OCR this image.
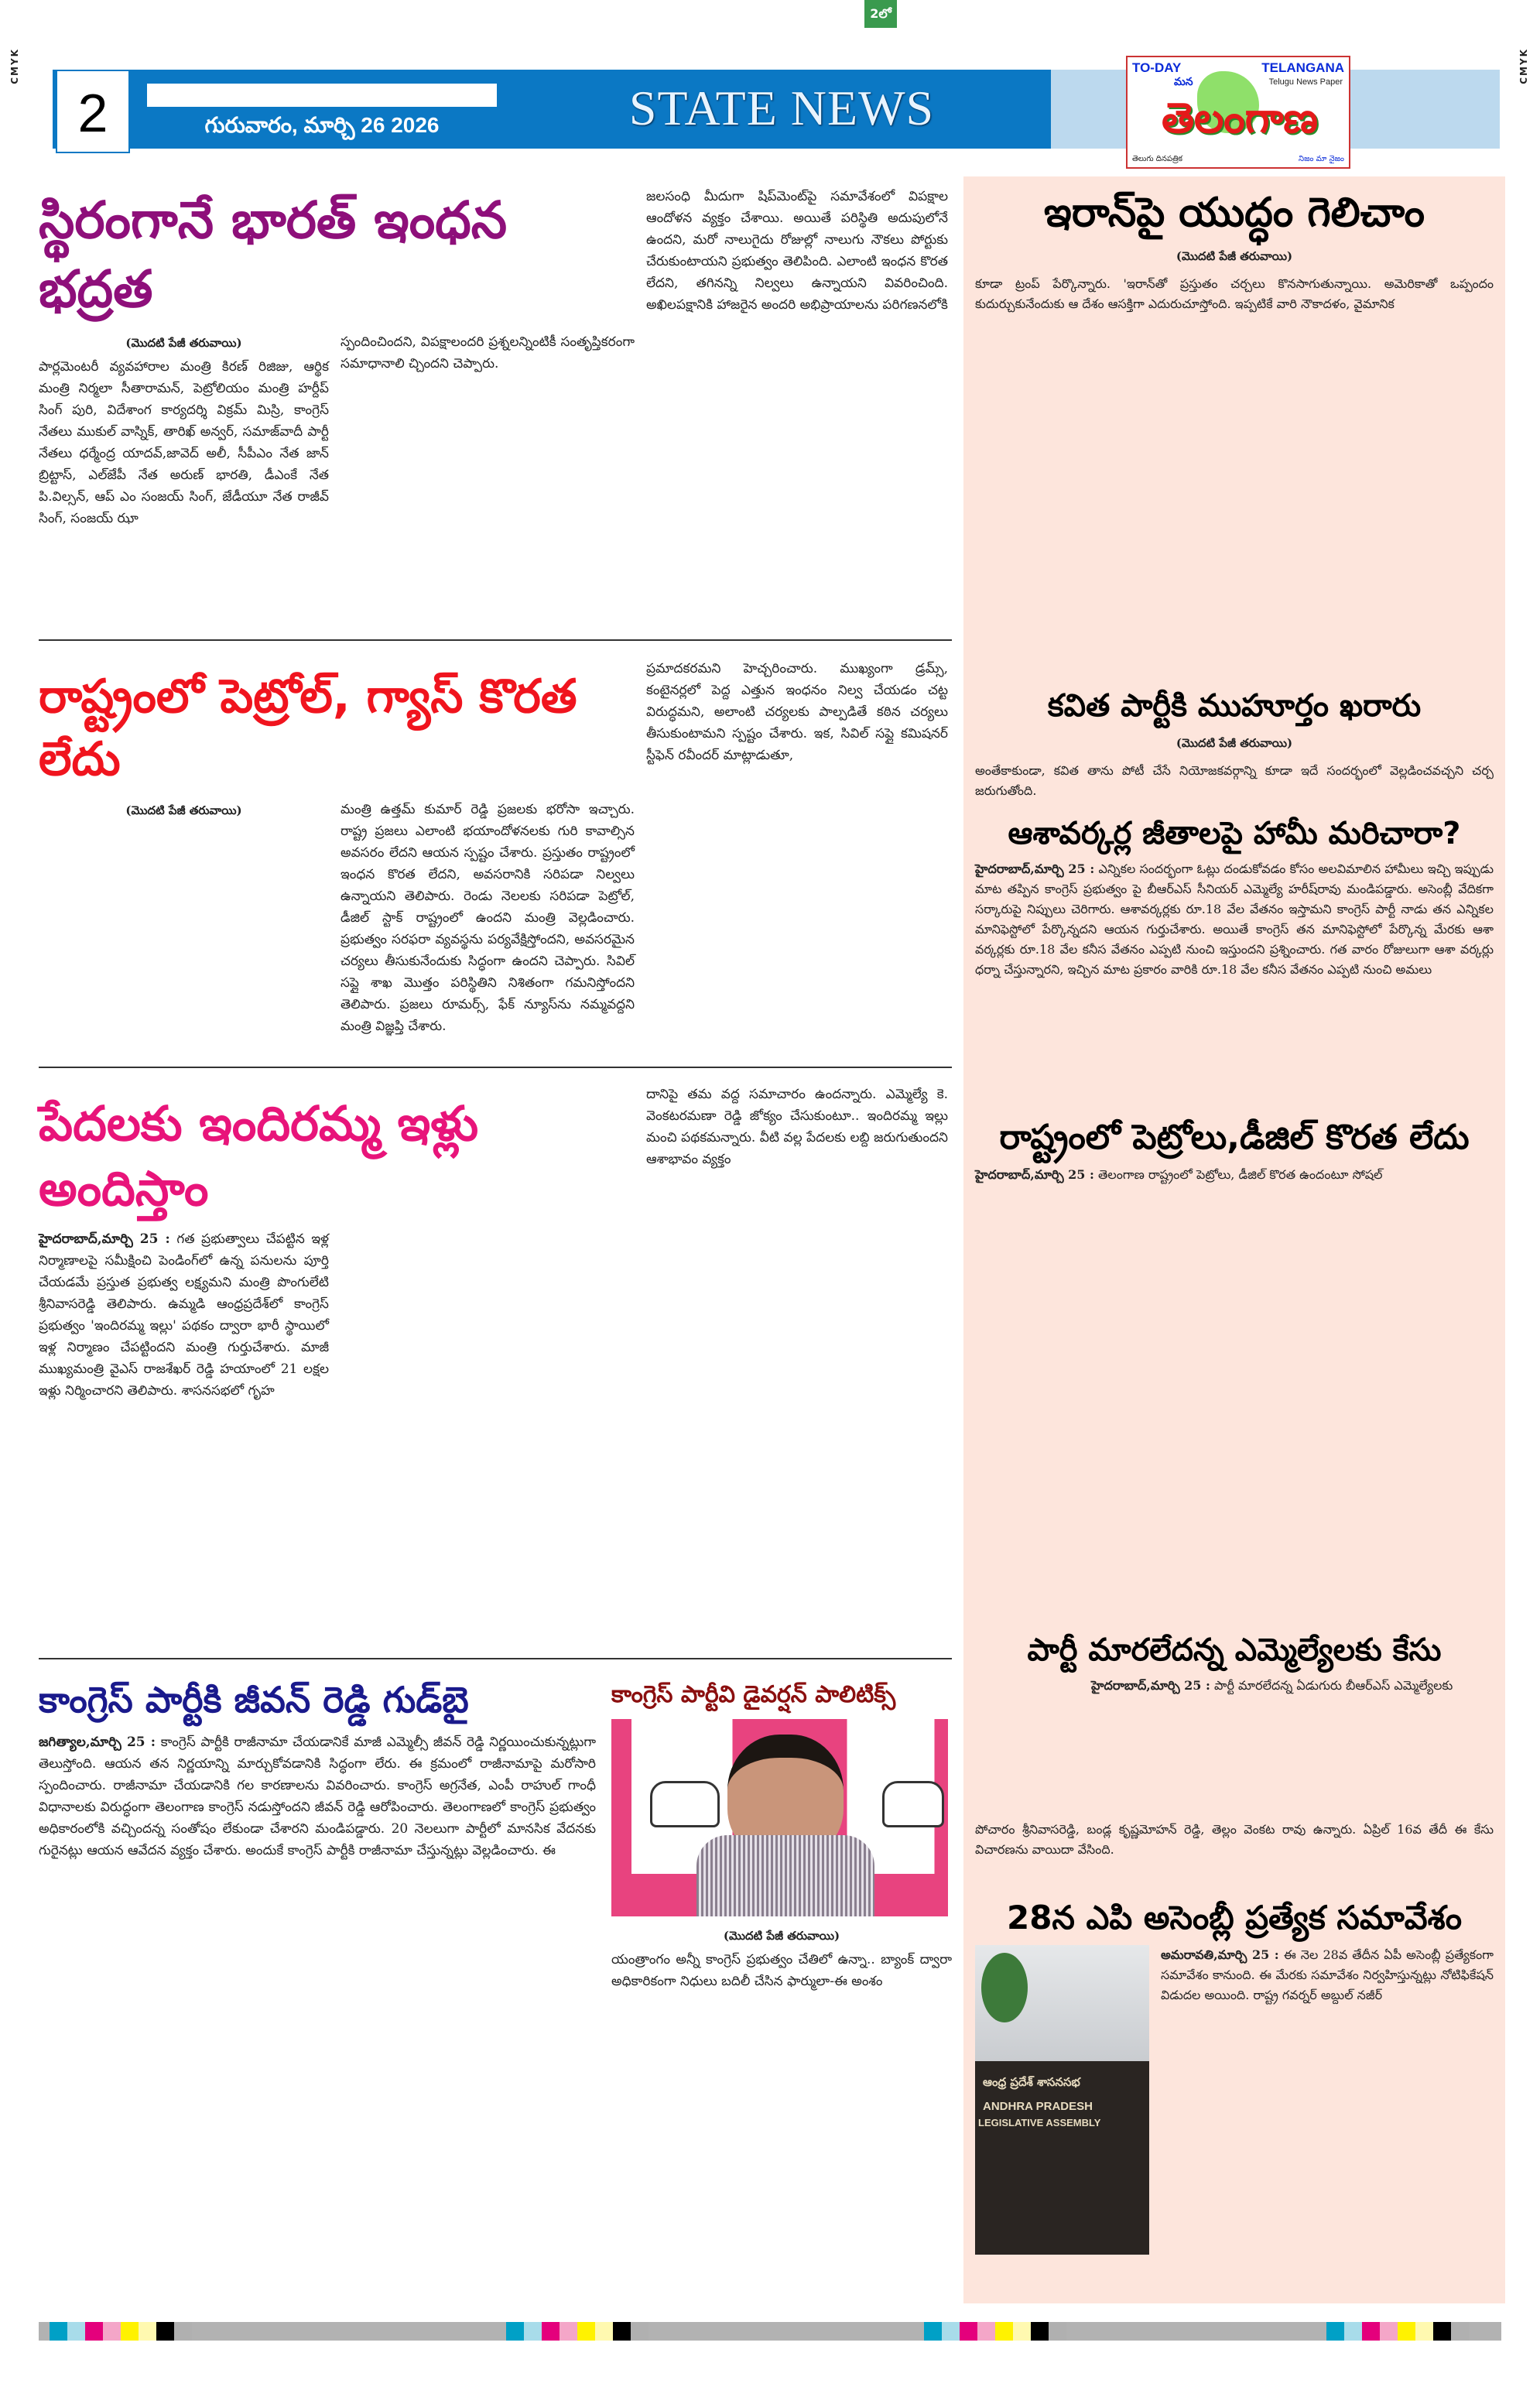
2లో
CMYK	CMYK
2	గురువారం, మార్చి 26 2026	STATE NEWS
TO-DAY	TELANGANA
Telugu News Paper
మన
తెలంగాణ
తెలుగు దినపత్రిక	నిజం మా నైజం
స్థిరంగానే భారత్ ఇంధన భద్రత
(మొదటి పేజీ తరువాయి)
పార్లమెంటరీ వ్యవహారాల మంత్రి కిరణ్ రిజిజు, ఆర్థిక మంత్రి నిర్మలా సీతారామన్, పెట్రోలియం మంత్రి హర్దీప్ సింగ్ పురి, విదేశాంగ కార్యదర్శి విక్రమ్ మిస్రి, కాంగ్రెస్ నేతలు ముకుల్ వాస్నిక్, తారిఖ్ అన్వర్, సమాజ్‌వాదీ పార్టీ నేతలు ధర్మేంద్ర యాదవ్,జావెద్ అలీ, సీపీఎం నేత జాన్ బ్రిట్టాస్, ఎల్‌జేపీ నేత అరుణ్ భారతి, డీఎంకే నేత పి.విల్సన్, ఆప్ ఎం సంజయ్ సింగ్, జేడీయూ నేత రాజీవ్ సింగ్, సంజయ్ ఝా
స్పందించిందని, విపక్షాలందరి ప్రశ్నలన్నింటికీ సంతృప్తికరంగా సమాధానాలి చ్చిందని చెప్పారు.
జలసంధి మీదుగా షిప్‌మెంట్‌పై సమావేశంలో విపక్షాల ఆందోళన వ్యక్తం చేశాయి. అయితే పరిస్థితి అదుపులోనే ఉందని, మరో నాలుగైదు రోజుల్లో నాలుగు నౌకలు పోర్టుకు చేరుకుంటాయని ప్రభుత్వం తెలిపింది. ఎలాంటి ఇంధన కొరత లేదని, తగినన్ని నిల్వలు ఉన్నాయని వివరించింది. అఖిలపక్షానికి హాజరైన అందరి అభిప్రాయాలను పరిగణనలోకి
రాష్ట్రంలో పెట్రోల్, గ్యాస్ కొరత లేదు
(మొదటి పేజీ తరువాయి)	మంత్రి ఉత్తమ్ కుమార్ రెడ్డి ప్రజలకు భరోసా ఇచ్చారు. రాష్ట్ర ప్రజలు ఎలాంటి భయాందోళనలకు గురి కావాల్సిన అవసరం లేదని ఆయన స్పష్టం చేశారు. ప్రస్తుతం రాష్ట్రంలో ఇంధన కొరత లేదని, అవసరానికి సరిపడా నిల్వలు ఉన్నాయని తెలిపారు. రెండు నెలలకు సరిపడా పెట్రోల్, డీజిల్ స్టాక్ రాష్ట్రంలో ఉందని మంత్రి వెల్లడించారు. ప్రభుత్వం సరఫరా వ్యవస్థను పర్యవేక్షిస్తోందని, అవసరమైన చర్యలు తీసుకునేందుకు సిద్ధంగా ఉందని చెప్పారు. సివిల్ సప్లై శాఖ మొత్తం పరిస్థితిని నిశితంగా గమనిస్తోందని తెలిపారు. ప్రజలు రూమర్స్, ఫేక్ న్యూస్‌ను నమ్మవద్దని మంత్రి విజ్ఞప్తి చేశారు.
ప్రమాదకరమని హెచ్చరించారు. ముఖ్యంగా డ్రమ్స్, కంటైనర్లలో పెద్ద ఎత్తున ఇంధనం నిల్వ చేయడం చట్ట విరుద్ధమని, అలాంటి చర్యలకు పాల్పడితే కఠిన చర్యలు తీసుకుంటామని స్పష్టం చేశారు. ఇక, సివిల్ సప్లై కమిషనర్ స్టీఫెన్ రవీందర్ మాట్లాడుతూ,
పేదలకు ఇందిరమ్మ ఇళ్లు అందిస్తాం
హైదరాబాద్,మార్చి 25 : గత ప్రభుత్వాలు చేపట్టిన ఇళ్ల నిర్మాణాలపై సమీక్షించి పెండింగ్‌లో ఉన్న పనులను పూర్తి చేయడమే ప్రస్తుత ప్రభుత్వ లక్ష్యమని మంత్రి పొంగులేటి శ్రీనివాసరెడ్డి తెలిపారు. ఉమ్మడి ఆంధ్రప్రదేశ్‌లో కాంగ్రెస్ ప్రభుత్వం 'ఇందిరమ్మ ఇల్లు' పథకం ద్వారా భారీ స్థాయిలో ఇళ్ల నిర్మాణం చేపట్టిందని మంత్రి గుర్తుచేశారు. మాజీ ముఖ్యమంత్రి వైఎస్ రాజశేఖర్ రెడ్డి హయాంలో 21 లక్షల ఇళ్లు నిర్మించారని తెలిపారు. శాసనసభలో గృహ
దానిపై తమ వద్ద సమాచారం ఉందన్నారు. ఎమ్మెల్యే కె. వెంకటరమణా రెడ్డి జోక్యం చేసుకుంటూ.. ఇందిరమ్మ ఇల్లు మంచి పథకమన్నారు. వీటి వల్ల పేదలకు లబ్ది జరుగుతుందని ఆశాభావం వ్యక్తం
కాంగ్రెస్ పార్టీకి జీవన్ రెడ్డి గుడ్‌బై
జగిత్యాల,మార్చి 25 : కాంగ్రెస్ పార్టీకి రాజీనామా చేయడానికే మాజీ ఎమ్మెల్సీ జీవన్ రెడ్డి నిర్ణయించుకున్నట్లుగా తెలుస్తోంది. ఆయన తన నిర్ణయాన్ని మార్చుకోవడానికి సిద్ధంగా లేరు. ఈ క్రమంలో రాజీనామాపై మరోసారి స్పందించారు. రాజీనామా చేయడానికి గల కారణాలను వివరించారు. కాంగ్రెస్ అగ్రనేత, ఎంపీ రాహుల్ గాంధీ విధానాలకు విరుద్ధంగా తెలంగాణ కాంగ్రెస్ నడుస్తోందని జీవన్ రెడ్డి ఆరోపించారు. తెలంగాణలో కాంగ్రెస్ ప్రభుత్వం అధికారంలోకి వచ్చిందన్న సంతోషం లేకుండా చేశారని మండిపడ్డారు. 20 నెలలుగా పార్టీలో మానసిక వేదనకు గురైనట్లు ఆయన ఆవేదన వ్యక్తం చేశారు. అందుకే కాంగ్రెస్ పార్టీకి రాజీనామా చేస్తున్నట్లు వెల్లడించారు. ఈ
కాంగ్రెస్ పార్టీవి డైవర్షన్ పాలిటిక్స్
(మొదటి పేజీ తరువాయి)
యంత్రాంగం అన్నీ కాంగ్రెస్ ప్రభుత్వం చేతిలో ఉన్నా.. బ్యాంక్ ద్వారా అధికారికంగా నిధులు బదిలీ చేసిన ఫార్ములా-ఈ అంశం
ఇరాన్‌పై యుద్ధం గెలిచాం
(మొదటి పేజీ తరువాయి)
కూడా ట్రంప్ పేర్కొన్నారు. 'ఇరాన్‌తో ప్రస్తుతం చర్చలు కొనసాగుతున్నాయి. అమెరికాతో ఒప్పందం కుదుర్చుకునేందుకు ఆ దేశం ఆసక్తిగా ఎదురుచూస్తోంది. ఇప్పటికే వారి నౌకాదళం, వైమానిక
కవిత పార్టీకి ముహూర్తం ఖరారు
(మొదటి పేజీ తరువాయి)
అంతేకాకుండా, కవిత తాను పోటీ చేసే నియోజకవర్గాన్ని కూడా ఇదే సందర్భంలో వెల్లడించవచ్చని చర్చ జరుగుతోంది.
ఆశావర్కర్ల జీతాలపై హామీ మరిచారా?
హైదరాబాద్,మార్చి 25 : ఎన్నికల సందర్భంగా ఓట్లు దండుకోవడం కోసం అలవిమాలిన హామీలు ఇచ్చి ఇప్పుడు మాట తప్పిన కాంగ్రెస్ ప్రభుత్వం పై బీఆర్ఎస్ సీనియర్ ఎమ్మెల్యే హరీష్‌రావు మండిపడ్డారు. అసెంబ్లీ వేదికగా సర్కారుపై నిప్పులు చెరిగారు. ఆశావర్కర్లకు రూ.18 వేల వేతనం ఇస్తామని కాంగ్రెస్ పార్టీ నాడు తన ఎన్నికల మానిఫెస్టోలో పేర్కొన్నదని ఆయన గుర్తుచేశారు. అయితే కాంగ్రెస్ తన మానిఫెస్టోలో పేర్కొన్న మేరకు ఆశా వర్కర్లకు రూ.18 వేల కనీస వేతనం ఎప్పటి నుంచి ఇస్తుందని ప్రశ్నించారు. గత వారం రోజులుగా ఆశా వర్కర్లు ధర్నా చేస్తున్నారని, ఇచ్చిన మాట ప్రకారం వారికి రూ.18 వేల కనీస వేతనం ఎప్పటి నుంచి అమలు
రాష్ట్రంలో పెట్రోలు,డీజిల్ కొరత లేదు
హైదరాబాద్,మార్చి 25 : తెలంగాణ రాష్ట్రంలో పెట్రోలు, డీజిల్ కొరత ఉందంటూ సోషల్
పార్టీ మారలేదన్న ఎమ్మెల్యేలకు కేసు
హైదరాబాద్,మార్చి 25 : పార్టీ మారలేదన్న ఏడుగురు బీఆర్ఎస్ ఎమ్మెల్యేలకు
పోచారం శ్రీనివాసరెడ్డి, బండ్ల కృష్ణమోహన్ రెడ్డి, తెల్లం వెంకట రావు ఉన్నారు. ఏప్రిల్ 16వ తేదీ ఈ కేసు విచారణను వాయిదా వేసింది.
28న ఎపి అసెంబ్లీ ప్రత్యేక సమావేశం
ఆంధ్ర ప్రదేశ్ శాసనసభ
ANDHRA PRADESH
LEGISLATIVE ASSEMBLY
అమరావతి,మార్చి 25 : ఈ నెల 28వ తేదీన ఏపీ అసెంబ్లీ ప్రత్యేకంగా సమావేశం కానుంది. ఈ మేరకు సమావేశం నిర్వహిస్తున్నట్లు నోటిఫికేషన్ విడుదల అయింది. రాష్ట్ర గవర్నర్ అబ్దుల్ నజీర్
